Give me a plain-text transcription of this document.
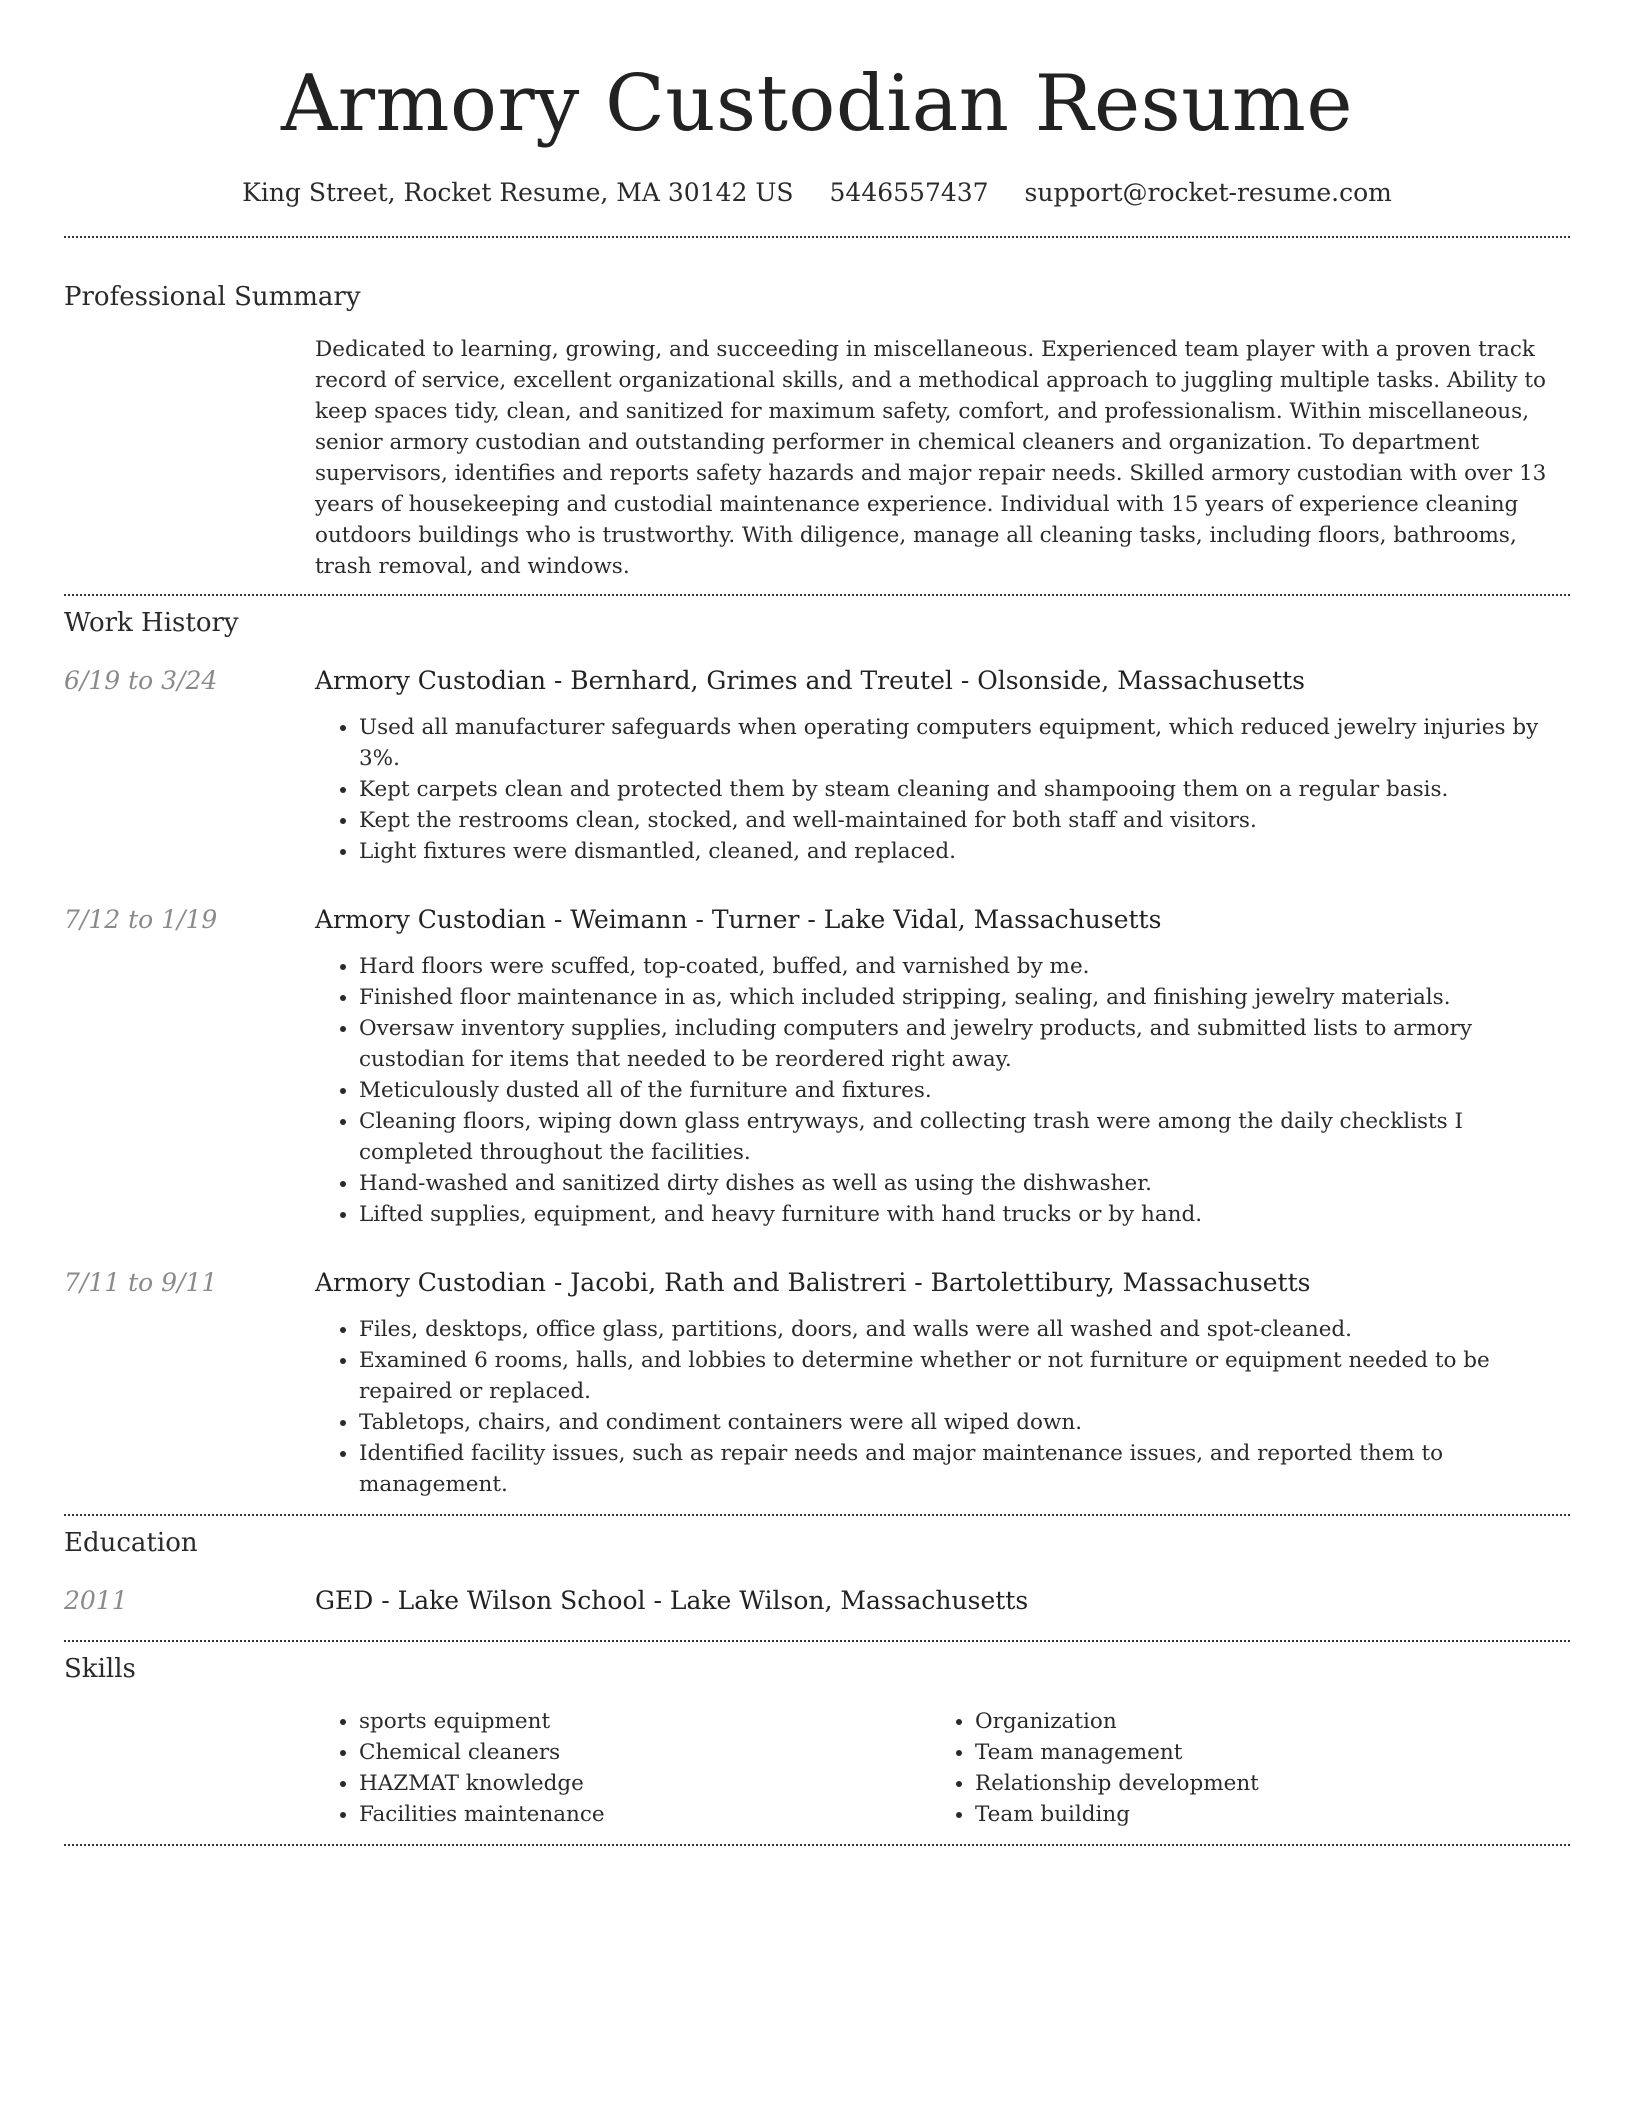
Armory Custodian Resume
King Street, Rocket Resume, MA 30142 US 5446557437 support@rocket-resume.com
Professional Summary

Dedicated to learning, growing, and succeeding in miscellaneous. Experienced team player with a proven track record of service, excellent organizational skills, and a methodical approach to juggling multiple tasks. Ability to keep spaces tidy, clean, and sanitized for maximum safety, comfort, and professionalism. Within miscellaneous, senior armory custodian and outstanding performer in chemical cleaners and organization. To department supervisors, identifies and reports safety hazards and major repair needs. Skilled armory custodian with over 13 years of housekeeping and custodial maintenance experience. Individual with 15 years of experience cleaning outdoors buildings who is trustworthy. With diligence, manage all cleaning tasks, including floors, bathrooms, trash removal, and windows.

Work History
6/19 to 3/24	Armory Custodian - Bernhard, Grimes and Treutel - Olsonside, Massachusetts
• Used all manufacturer safeguards when operating computers equipment, which reduced jewelry injuries by 3%.
• Kept carpets clean and protected them by steam cleaning and shampooing them on a regular basis.
• Kept the restrooms clean, stocked, and well-maintained for both staff and visitors.
• Light fixtures were dismantled, cleaned, and replaced.
7/12 to 1/19	Armory Custodian - Weimann - Turner - Lake Vidal, Massachusetts
• Hard floors were scuffed, top-coated, buffed, and varnished by me.
• Finished floor maintenance in as, which included stripping, sealing, and finishing jewelry materials.
• Oversaw inventory supplies, including computers and jewelry products, and submitted lists to armory custodian for items that needed to be reordered right away.
• Meticulously dusted all of the furniture and fixtures.
• Cleaning floors, wiping down glass entryways, and collecting trash were among the daily checklists I completed throughout the facilities.
• Hand-washed and sanitized dirty dishes as well as using the dishwasher.
• Lifted supplies, equipment, and heavy furniture with hand trucks or by hand.
7/11 to 9/11	Armory Custodian - Jacobi, Rath and Balistreri - Bartolettibury, Massachusetts
• Files, desktops, office glass, partitions, doors, and walls were all washed and spot-cleaned.
• Examined 6 rooms, halls, and lobbies to determine whether or not furniture or equipment needed to be repaired or replaced.
• Tabletops, chairs, and condiment containers were all wiped down.
• Identified facility issues, such as repair needs and major maintenance issues, and reported them to management.
Education
2011	GED - Lake Wilson School - Lake Wilson, Massachusetts
Skills
• sports equipment
• Chemical cleaners
• HAZMAT knowledge
• Facilities maintenance
• Organization
• Team management
• Relationship development
• Team building
